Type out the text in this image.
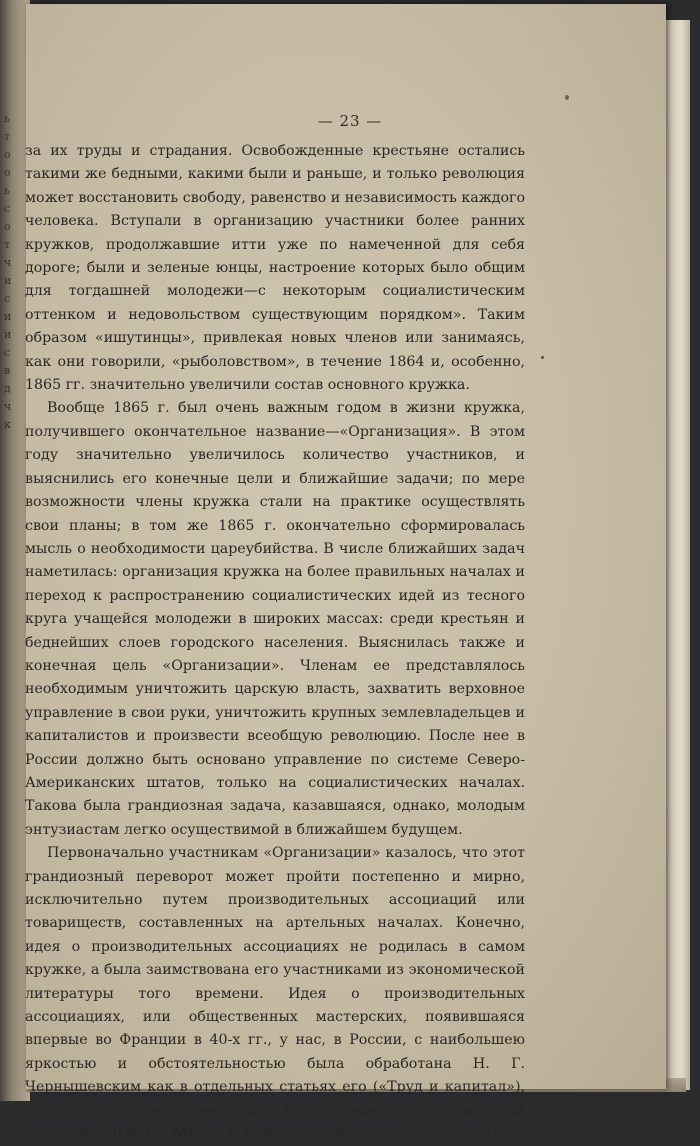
ь
т
о
о
ь
с
о
т
ч
и
с
и
и
с
в
д
ч
к
— 23 —

за их труды и страдания. Освобожденные крестьяне остались такими же бедными, какими были и раньше, и только революция может восстановить свободу, равенство и независимость каждого человека. Вступали в организацию участники более ранних кружков, продолжавшие итти уже по намеченной для себя дороге; были и зеленые юнцы, настроение которых было общим для тогдашней молодежи—с некоторым социалистическим оттенком и недовольством существующим порядком». Таким образом «ишутинцы», привлекая новых членов или занимаясь, как они говорили, «рыболовством», в течение 1864 и, особенно, 1865 гг. значительно увеличили состав основного кружка.

Вообще 1865 г. был очень важным годом в жизни кружка, получившего окончательное название—«Организация». В этом году значительно увеличилось количество участников, и выяснились его конечные цели и ближайшие задачи; по мере возможности члены кружка стали на практике осуществлять свои планы; в том же 1865 г. окончательно сформировалась мысль о необходимости цареубийства. В числе ближайших задач наметилась: организация кружка на более правильных началах и переход к распространению социалистических идей из тесного круга учащейся молодежи в широких массах: среди крестьян и беднейших слоев городского населения. Выяснилась также и конечная цель «Организации». Членам ее представлялось необходимым уничтожить царскую власть, захватить верховное управление в свои руки, уничтожить крупных землевладельцев и капиталистов и произвести всеобщую революцию. После нее в России должно быть основано управление по системе Северо-Американских штатов, только на социалистических началах. Такова была грандиозная задача, казавшаяся, однако, молодым энтузиастам легко осуществимой в ближайшем будущем.

Первоначально участникам «Организации» казалось, что этот грандиозный переворот может пройти постепенно и мирно, исключительно путем производительных ассоциаций или товариществ, составленных на артельных началах. Конечно, идея о производительных ассоциациях не родилась в самом кружке, а была заимствована его участниками из экономической литературы того времени. Идея о производительных ассоциациях, или общественных мастерских, появившаяся впервые во Франции в 40-х гг., у нас, в России, с наибольшею яркостью и обстоятельностью была обработана Н. Г. Чернышевским как в отдельных статьях его («Труд и капитал»), так, особенно, в примечаниях к «Основаниям политической экономии» Дж. Ст. Милля и в знаменитом романе «Что делать?».
